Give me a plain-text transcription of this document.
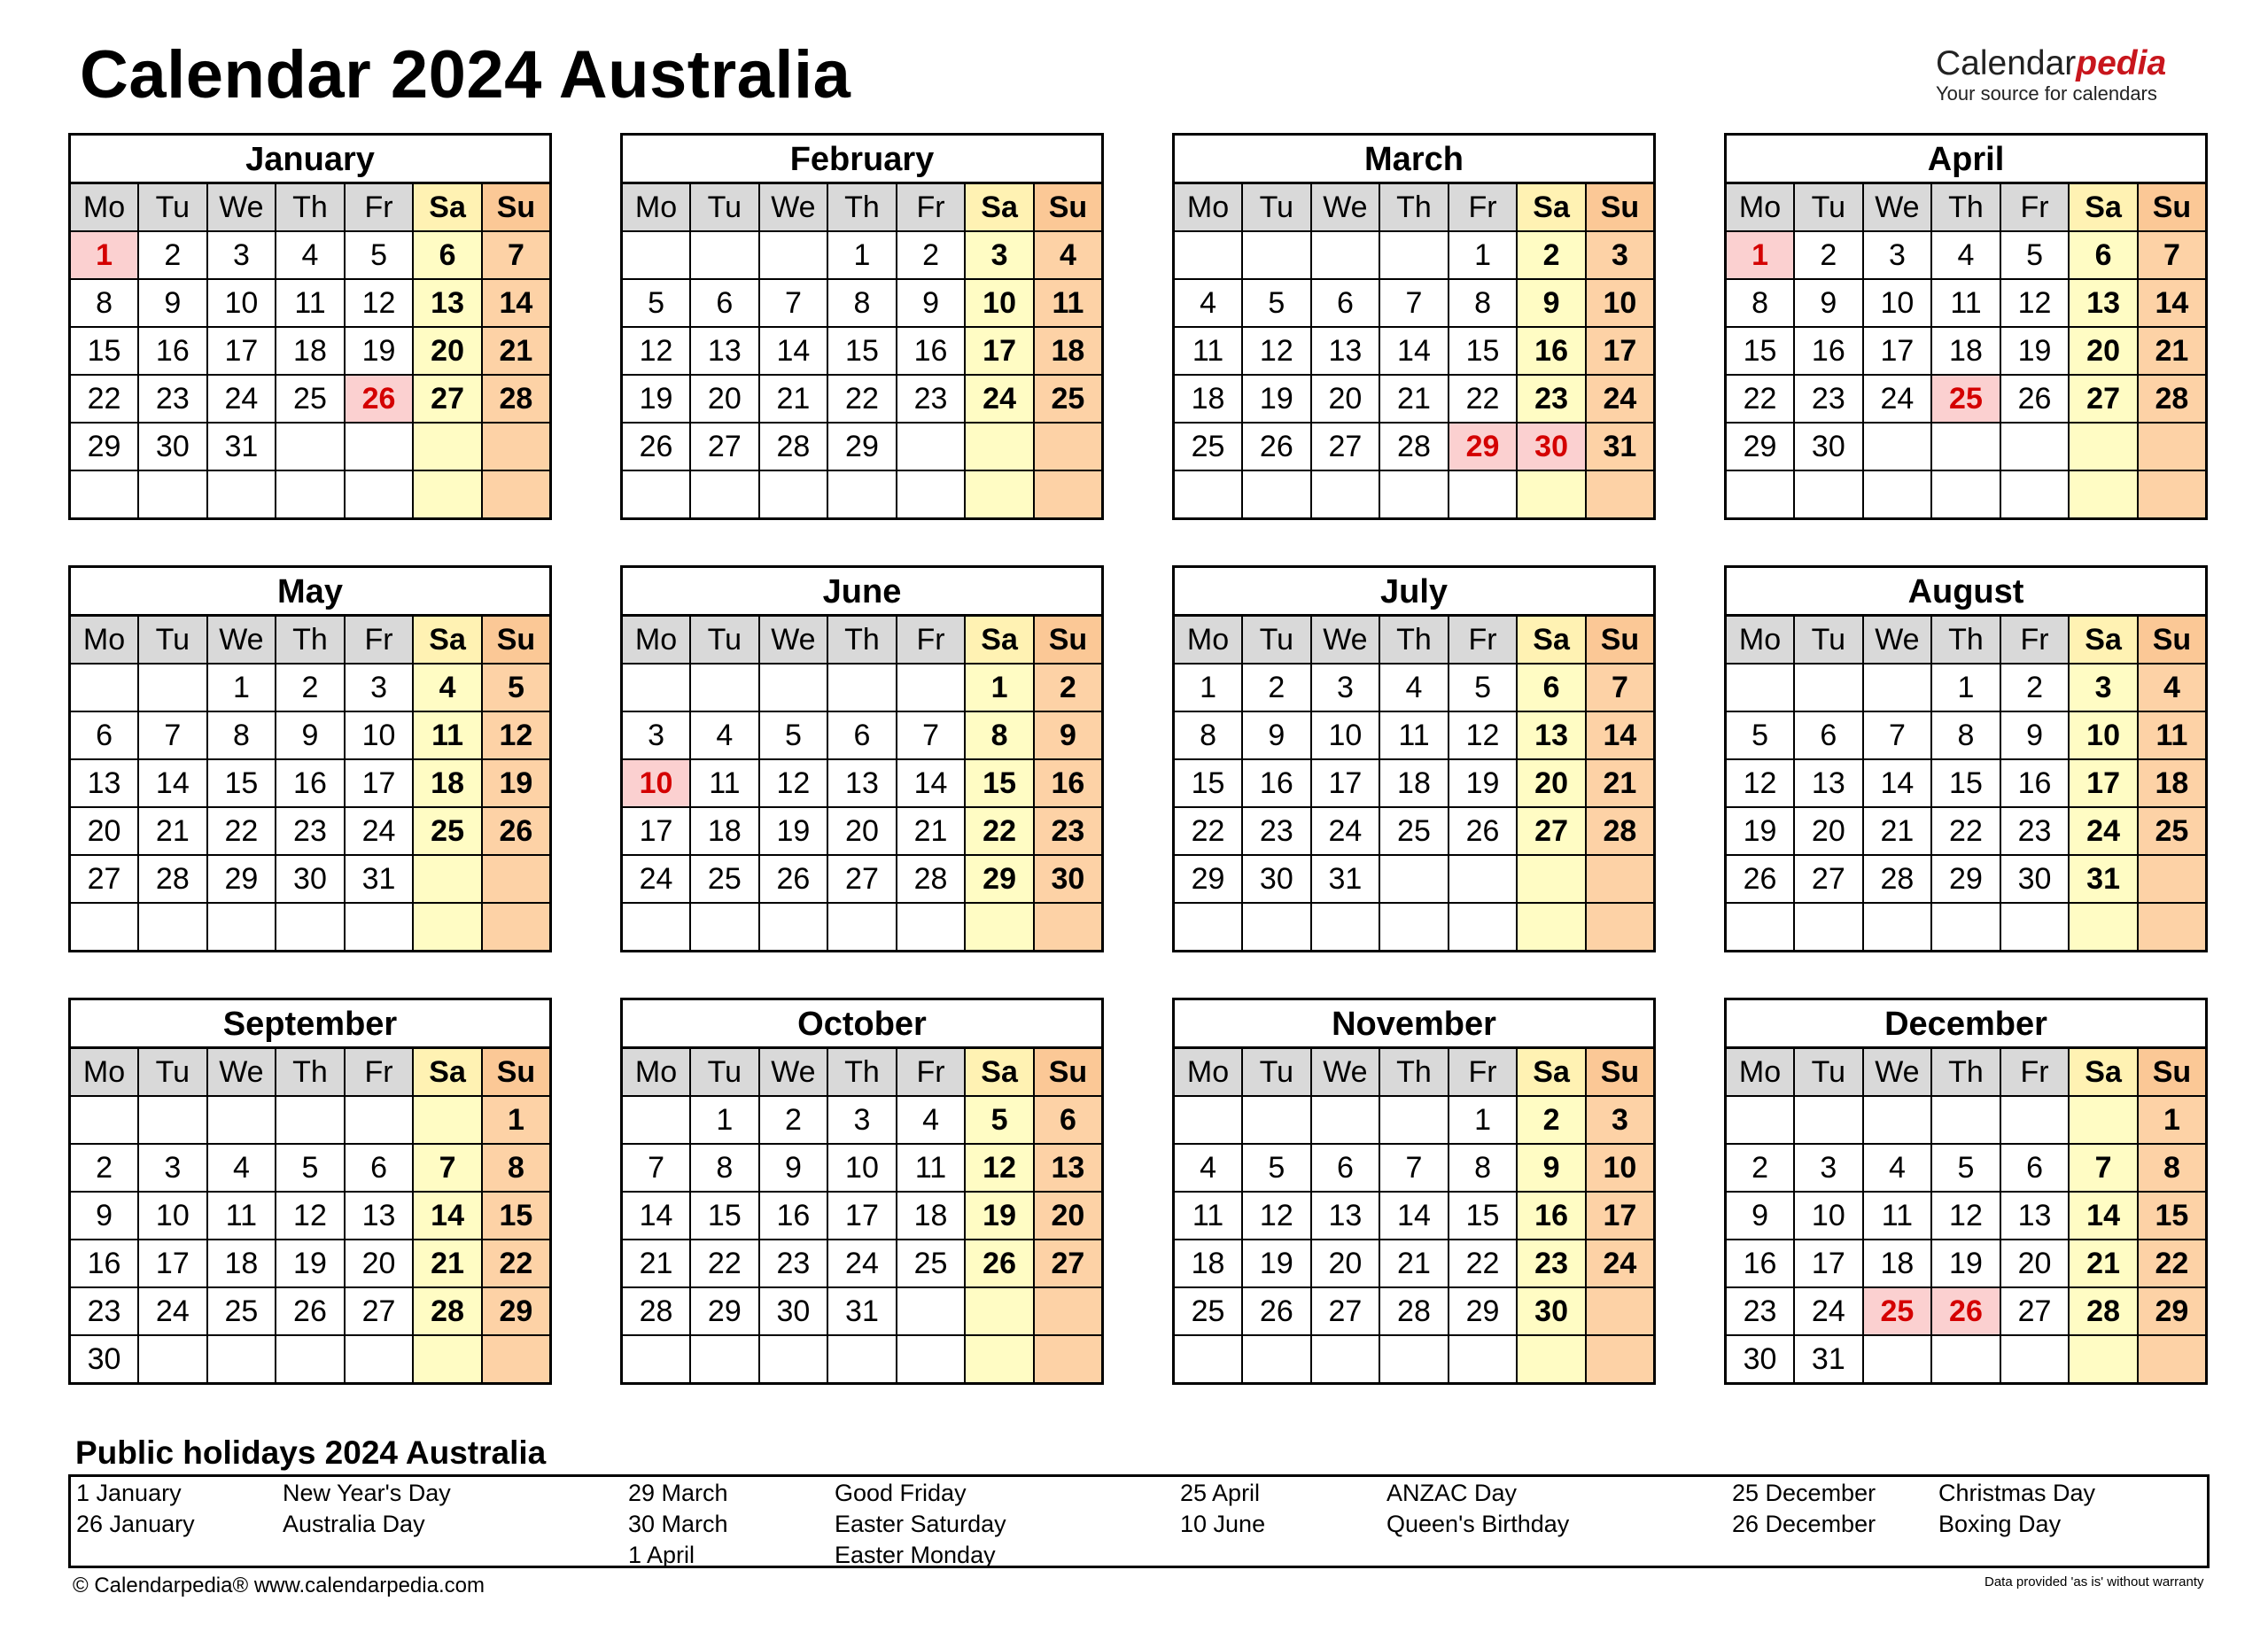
Calendar 2024 Australia	Calendarpedia
Your source for calendars
January
Mo	Tu	We	Th	Fr	Sa	Su
1	2	3	4	5	6	7
8	9	10	11	12	13	14
15	16	17	18	19	20	21
22	23	24	25	26	27	28
29	30	31				

February
Mo	Tu	We	Th	Fr	Sa	Su
			1	2	3	4
5	6	7	8	9	10	11
12	13	14	15	16	17	18
19	20	21	22	23	24	25
26	27	28	29			

March
Mo	Tu	We	Th	Fr	Sa	Su
				1	2	3
4	5	6	7	8	9	10
11	12	13	14	15	16	17
18	19	20	21	22	23	24
25	26	27	28	29	30	31

April
Mo	Tu	We	Th	Fr	Sa	Su
1	2	3	4	5	6	7
8	9	10	11	12	13	14
15	16	17	18	19	20	21
22	23	24	25	26	27	28
29	30					

May
Mo	Tu	We	Th	Fr	Sa	Su
		1	2	3	4	5
6	7	8	9	10	11	12
13	14	15	16	17	18	19
20	21	22	23	24	25	26
27	28	29	30	31		

June
Mo	Tu	We	Th	Fr	Sa	Su
					1	2
3	4	5	6	7	8	9
10	11	12	13	14	15	16
17	18	19	20	21	22	23
24	25	26	27	28	29	30

July
Mo	Tu	We	Th	Fr	Sa	Su
1	2	3	4	5	6	7
8	9	10	11	12	13	14
15	16	17	18	19	20	21
22	23	24	25	26	27	28
29	30	31				

August
Mo	Tu	We	Th	Fr	Sa	Su
			1	2	3	4
5	6	7	8	9	10	11
12	13	14	15	16	17	18
19	20	21	22	23	24	25
26	27	28	29	30	31	

September
Mo	Tu	We	Th	Fr	Sa	Su
						1
2	3	4	5	6	7	8
9	10	11	12	13	14	15
16	17	18	19	20	21	22
23	24	25	26	27	28	29
30						
October
Mo	Tu	We	Th	Fr	Sa	Su
	1	2	3	4	5	6
7	8	9	10	11	12	13
14	15	16	17	18	19	20
21	22	23	24	25	26	27
28	29	30	31			

November
Mo	Tu	We	Th	Fr	Sa	Su
				1	2	3
4	5	6	7	8	9	10
11	12	13	14	15	16	17
18	19	20	21	22	23	24
25	26	27	28	29	30	

December
Mo	Tu	We	Th	Fr	Sa	Su
						1
2	3	4	5	6	7	8
9	10	11	12	13	14	15
16	17	18	19	20	21	22
23	24	25	26	27	28	29
30	31					
Public holidays 2024 Australia
1 January	New Year's Day
26 January	Australia Day
29 March	Good Friday
30 March	Easter Saturday
1 April	Easter Monday
25 April	ANZAC Day
10 June	Queen's Birthday
25 December	Christmas Day
26 December	Boxing Day
© Calendarpedia® www.calendarpedia.com	Data provided 'as is' without warranty
